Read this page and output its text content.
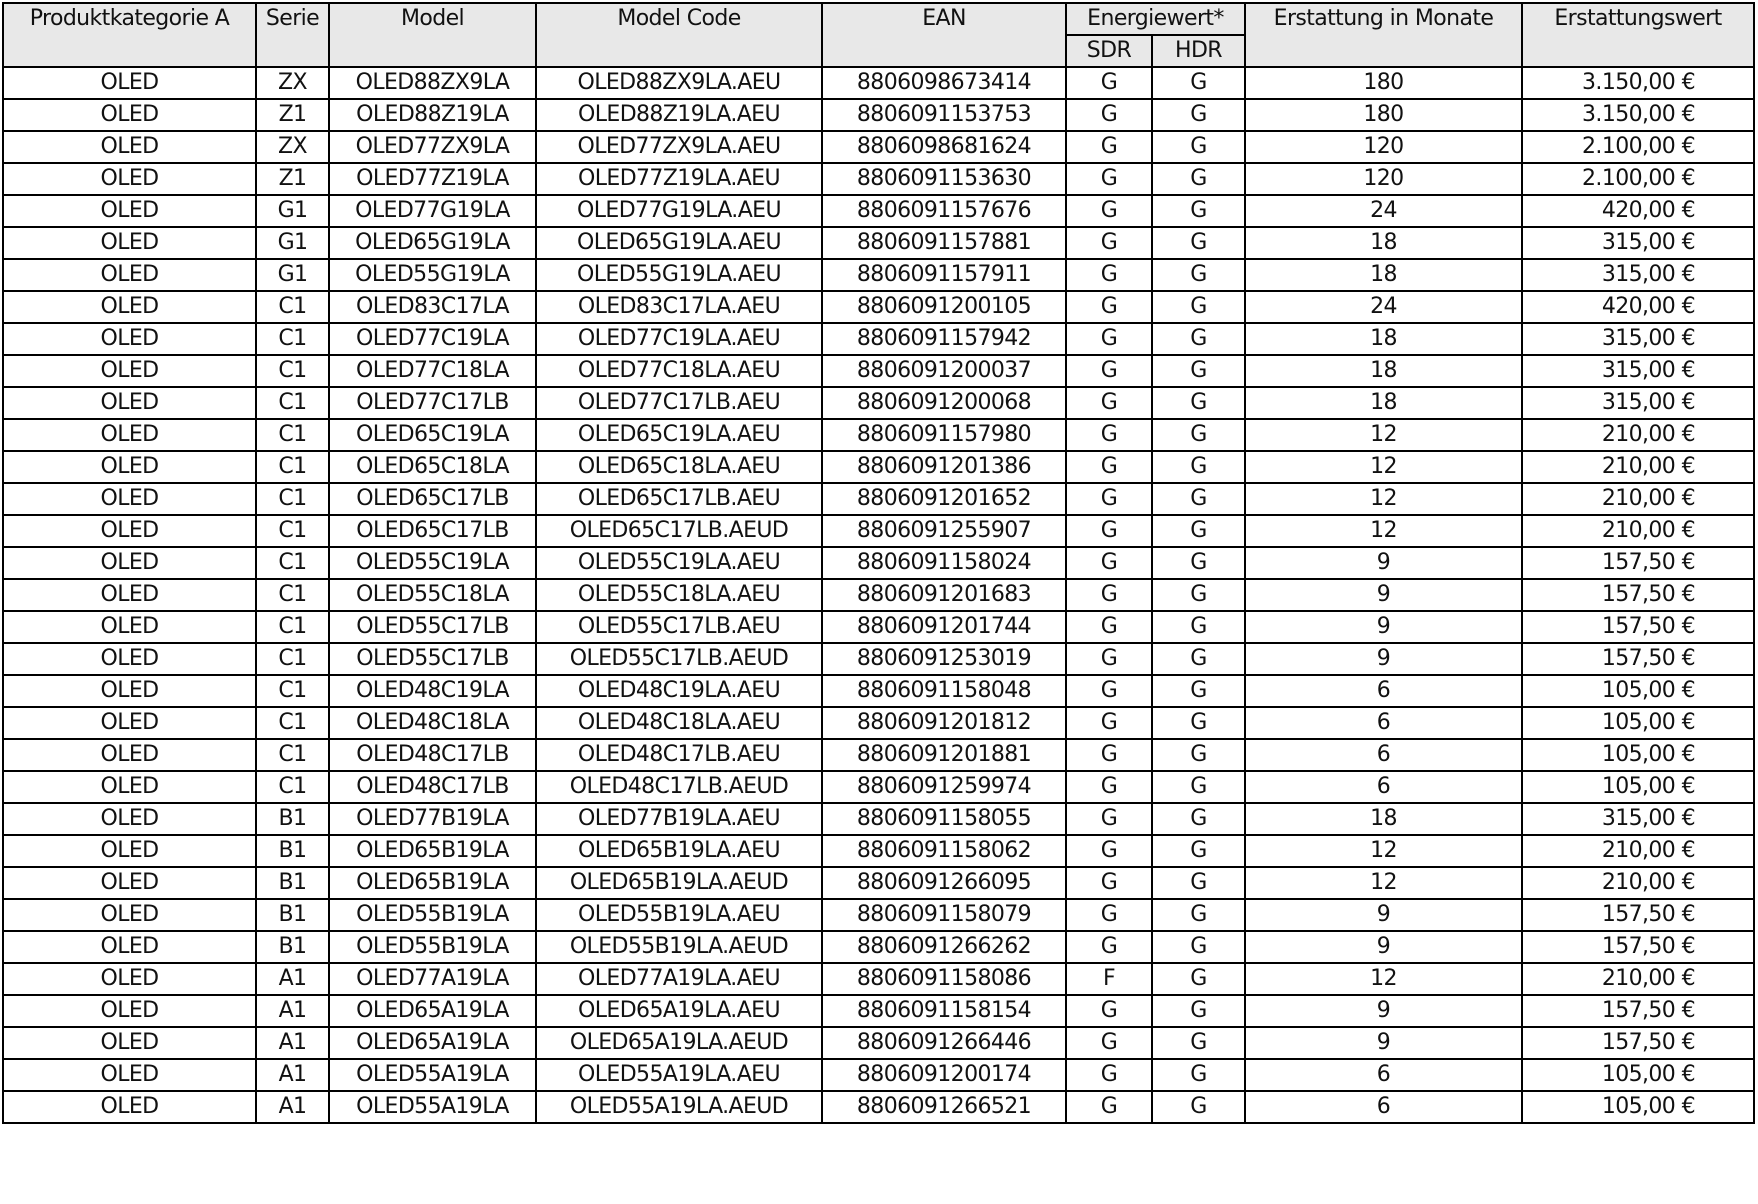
Produktkategorie A	Serie	Model	Model Code	EAN	Energiewert*		Erstattung in Monate	Erstattungswert
					SDR	HDR		
OLED	ZX	OLED88ZX9LA	OLED88ZX9LA.AEU	8806098673414	G	G	180	3.150,00 €
OLED	Z1	OLED88Z19LA	OLED88Z19LA.AEU	8806091153753	G	G	180	3.150,00 €
OLED	ZX	OLED77ZX9LA	OLED77ZX9LA.AEU	8806098681624	G	G	120	2.100,00 €
OLED	Z1	OLED77Z19LA	OLED77Z19LA.AEU	8806091153630	G	G	120	2.100,00 €
OLED	G1	OLED77G19LA	OLED77G19LA.AEU	8806091157676	G	G	24	420,00 €
OLED	G1	OLED65G19LA	OLED65G19LA.AEU	8806091157881	G	G	18	315,00 €
OLED	G1	OLED55G19LA	OLED55G19LA.AEU	8806091157911	G	G	18	315,00 €
OLED	C1	OLED83C17LA	OLED83C17LA.AEU	8806091200105	G	G	24	420,00 €
OLED	C1	OLED77C19LA	OLED77C19LA.AEU	8806091157942	G	G	18	315,00 €
OLED	C1	OLED77C18LA	OLED77C18LA.AEU	8806091200037	G	G	18	315,00 €
OLED	C1	OLED77C17LB	OLED77C17LB.AEU	8806091200068	G	G	18	315,00 €
OLED	C1	OLED65C19LA	OLED65C19LA.AEU	8806091157980	G	G	12	210,00 €
OLED	C1	OLED65C18LA	OLED65C18LA.AEU	8806091201386	G	G	12	210,00 €
OLED	C1	OLED65C17LB	OLED65C17LB.AEU	8806091201652	G	G	12	210,00 €
OLED	C1	OLED65C17LB	OLED65C17LB.AEUD	8806091255907	G	G	12	210,00 €
OLED	C1	OLED55C19LA	OLED55C19LA.AEU	8806091158024	G	G	9	157,50 €
OLED	C1	OLED55C18LA	OLED55C18LA.AEU	8806091201683	G	G	9	157,50 €
OLED	C1	OLED55C17LB	OLED55C17LB.AEU	8806091201744	G	G	9	157,50 €
OLED	C1	OLED55C17LB	OLED55C17LB.AEUD	8806091253019	G	G	9	157,50 €
OLED	C1	OLED48C19LA	OLED48C19LA.AEU	8806091158048	G	G	6	105,00 €
OLED	C1	OLED48C18LA	OLED48C18LA.AEU	8806091201812	G	G	6	105,00 €
OLED	C1	OLED48C17LB	OLED48C17LB.AEU	8806091201881	G	G	6	105,00 €
OLED	C1	OLED48C17LB	OLED48C17LB.AEUD	8806091259974	G	G	6	105,00 €
OLED	B1	OLED77B19LA	OLED77B19LA.AEU	8806091158055	G	G	18	315,00 €
OLED	B1	OLED65B19LA	OLED65B19LA.AEU	8806091158062	G	G	12	210,00 €
OLED	B1	OLED65B19LA	OLED65B19LA.AEUD	8806091266095	G	G	12	210,00 €
OLED	B1	OLED55B19LA	OLED55B19LA.AEU	8806091158079	G	G	9	157,50 €
OLED	B1	OLED55B19LA	OLED55B19LA.AEUD	8806091266262	G	G	9	157,50 €
OLED	A1	OLED77A19LA	OLED77A19LA.AEU	8806091158086	F	G	12	210,00 €
OLED	A1	OLED65A19LA	OLED65A19LA.AEU	8806091158154	G	G	9	157,50 €
OLED	A1	OLED65A19LA	OLED65A19LA.AEUD	8806091266446	G	G	9	157,50 €
OLED	A1	OLED55A19LA	OLED55A19LA.AEU	8806091200174	G	G	6	105,00 €
OLED	A1	OLED55A19LA	OLED55A19LA.AEUD	8806091266521	G	G	6	105,00 €
